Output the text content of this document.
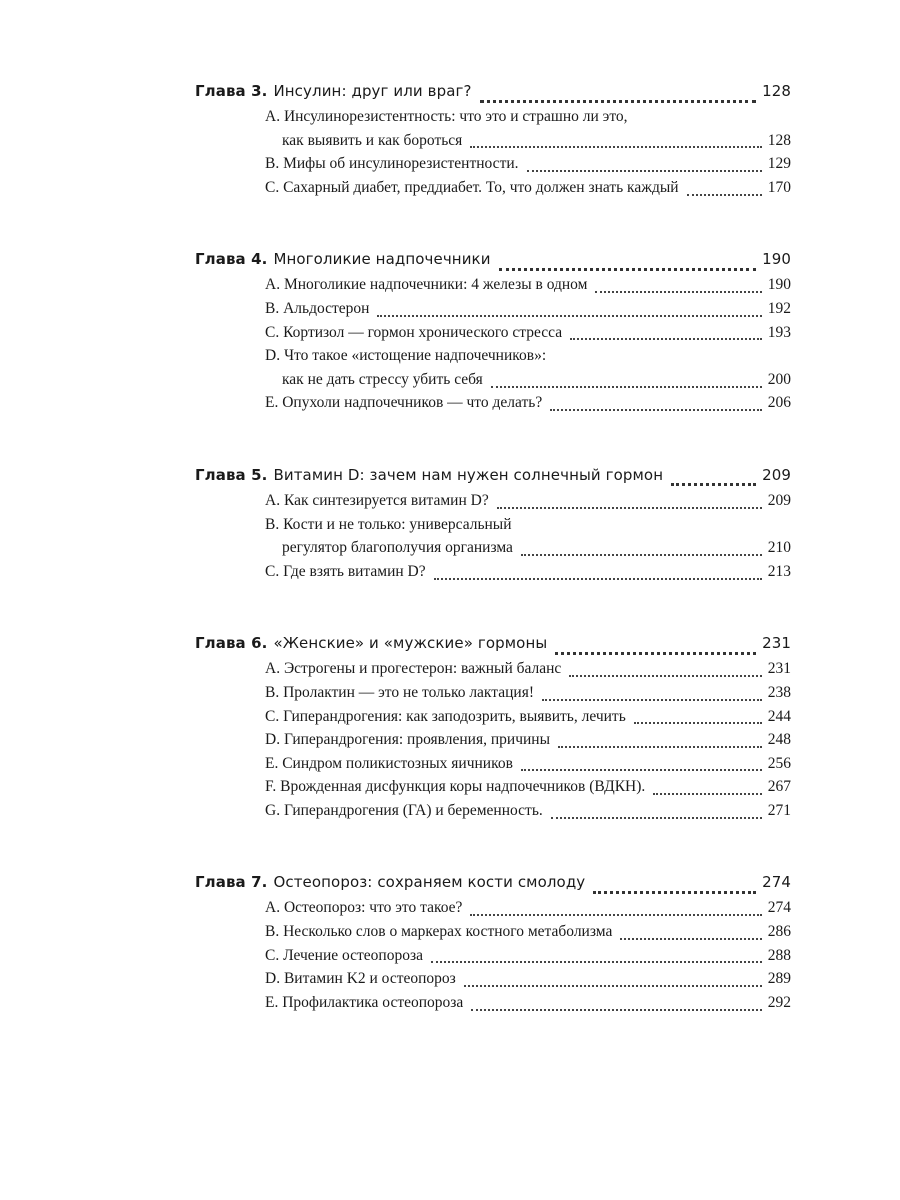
Глава 3. Инсулин: друг или враг?	128
A. Инсулинорезистентность: что это и страшно ли это,
как выявить и как бороться	128
B. Мифы об инсулинорезистентности.	129
C. Сахарный диабет, преддиабет. То, что должен знать каждый	170
Глава 4. Многоликие надпочечники	190
A. Многоликие надпочечники: 4 железы в одном	190
B. Альдостерон	192
C. Кортизол — гормон хронического стресса	193
D. Что такое «истощение надпочечников»:
как не дать стрессу убить себя	200
E. Опухоли надпочечников — что делать?	206
Глава 5. Витамин D: зачем нам нужен солнечный гормон	209
A. Как синтезируется витамин D?	209
B. Кости и не только: универсальный
регулятор благополучия организма	210
C. Где взять витамин D?	213
Глава 6. «Женские» и «мужские» гормоны	231
A. Эстрогены и прогестерон: важный баланс	231
B. Пролактин — это не только лактация!	238
C. Гиперандрогения: как заподозрить, выявить, лечить	244
D. Гиперандрогения: проявления, причины	248
E. Синдром поликистозных яичников	256
F. Врожденная дисфункция коры надпочечников (ВДКН).	267
G. Гиперандрогения (ГА) и беременность.	271
Глава 7. Остеопороз: сохраняем кости смолоду	274
A. Остеопороз: что это такое?	274
B. Несколько слов о маркерах костного метаболизма	286
C. Лечение остеопороза	288
D. Витамин K2 и остеопороз	289
E. Профилактика остеопороза	292
